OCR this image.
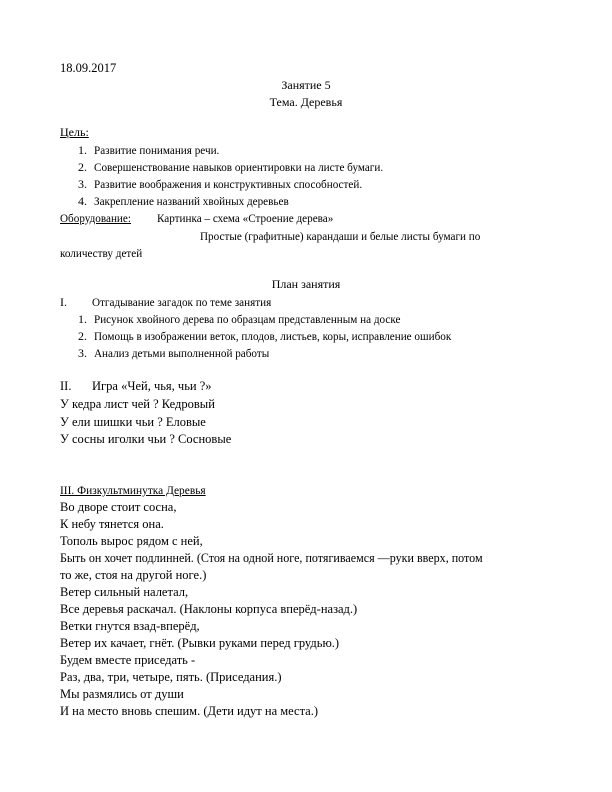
18.09.2017
Занятие 5
Тема. Деревья
Цель:
1. Развитие понимания речи.
2. Совершенствование навыков ориентировки на листе бумаги.
3. Развитие воображения и конструктивных способностей.
4. Закрепление названий хвойных деревьев
Оборудование: Картинка – схема «Строение дерева»
Простые (графитные) карандаши и белые листы бумаги по
количеству детей
План занятия
I. Отгадывание загадок по теме занятия
1. Рисунок хвойного дерева по образцам представленным на доске
2. Помощь в изображении веток, плодов, листьев, коры, исправление ошибок
3. Анализ детьми выполненной работы
II. Игра «Чей, чья, чьи ?»
У кедра лист чей ? Кедровый
У ели шишки чьи ? Еловые
У сосны иголки чьи ? Сосновые
III. Физкультминутка Деревья
Во дворе стоит сосна,
К небу тянется она.
Тополь вырос рядом с ней,
Быть он хочет подлинней. (Стоя на одной ноге, потягиваемся —руки вверх, потом
то же, стоя на другой ноге.)
Ветер сильный налетал,
Все деревья раскачал. (Наклоны корпуса вперёд-назад.)
Ветки гнутся взад-вперёд,
Ветер их качает, гнёт. (Рывки руками перед грудью.)
Будем вместе приседать -
Раз, два, три, четыре, пять. (Приседания.)
Мы размялись от души
И на место вновь спешим. (Дети идут на места.)
